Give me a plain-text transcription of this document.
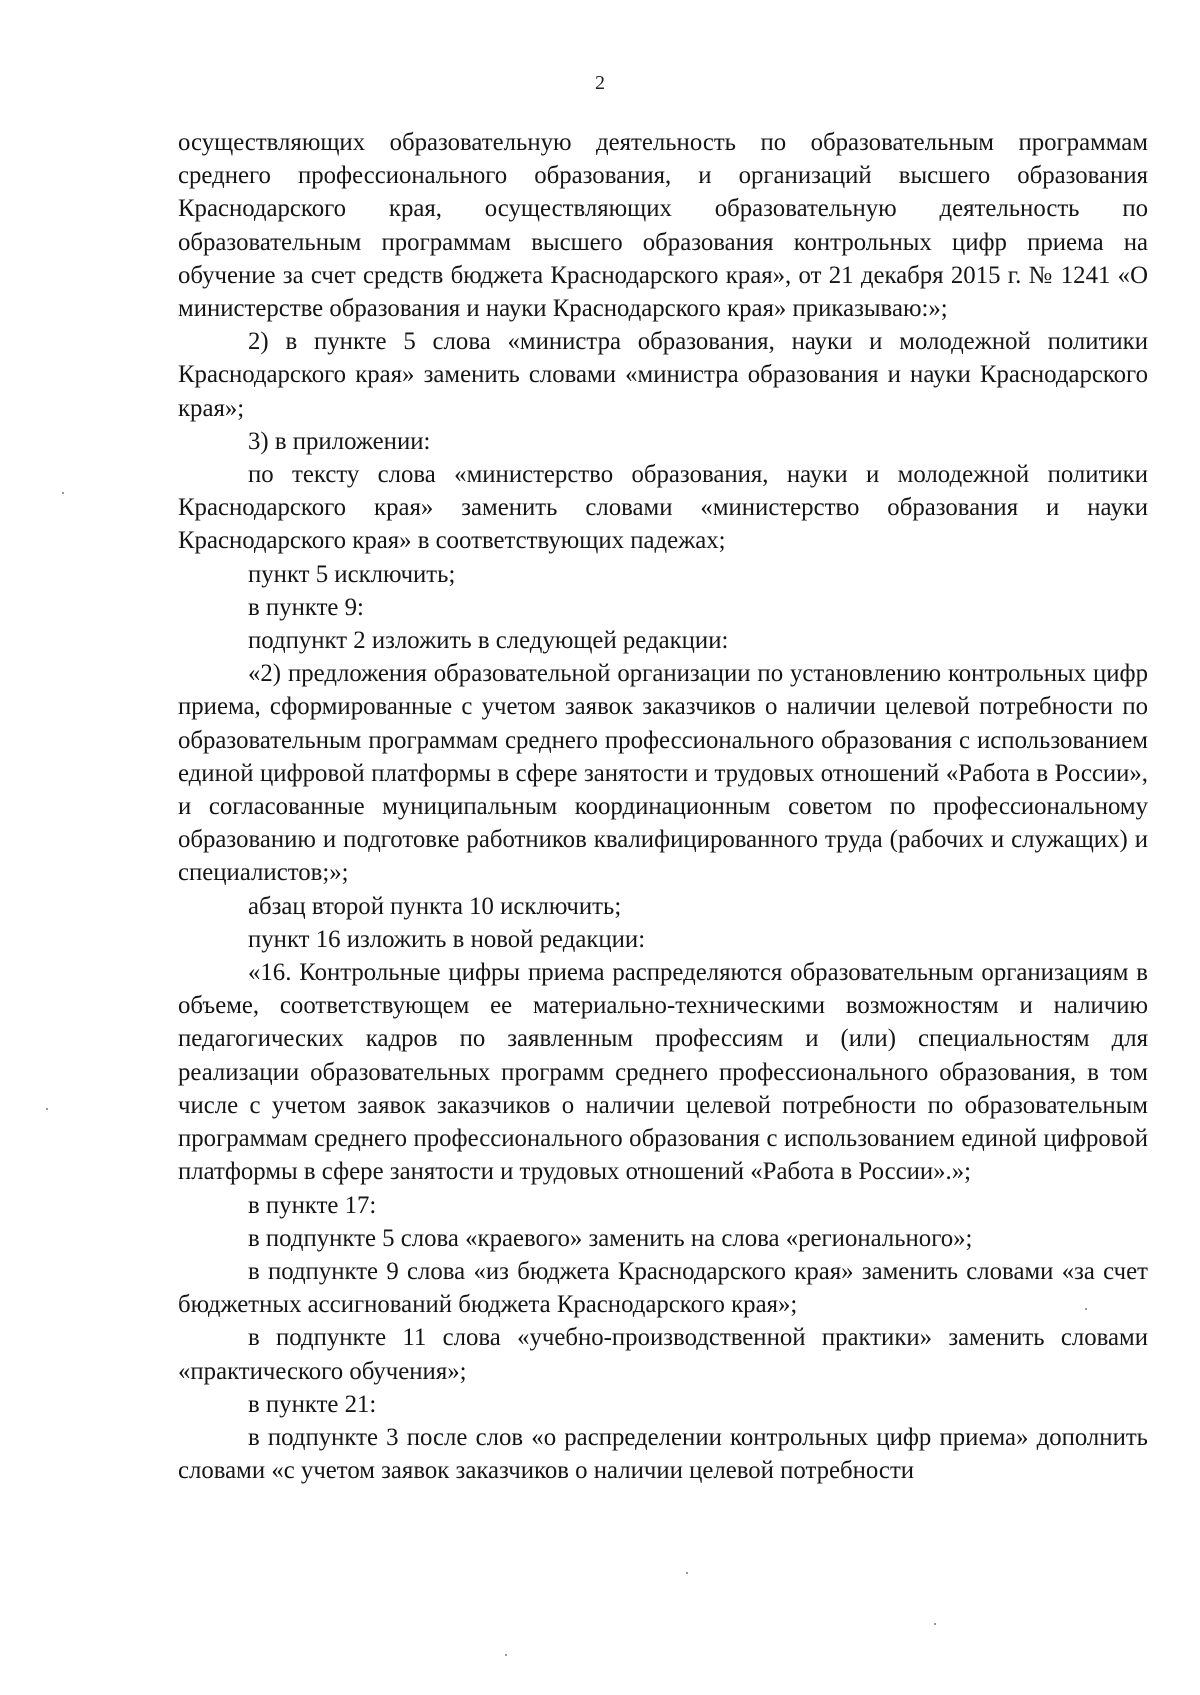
2

осуществляющих образовательную деятельность по образовательным программам среднего профессионального образования, и организаций высшего образования Краснодарского края, осуществляющих образовательную деятельность по образовательным программам высшего образования контрольных цифр приема на обучение за счет средств бюджета Краснодарского края», от 21 декабря 2015 г. № 1241 «О министерстве образования и науки Краснодарского края» приказываю:»;

2) в пункте 5 слова «министра образования, науки и молодежной политики Краснодарского края» заменить словами «министра образования и науки Краснодарского края»;

3) в приложении:

по тексту слова «министерство образования, науки и молодежной политики Краснодарского края» заменить словами «министерство образования и науки Краснодарского края» в соответствующих падежах;

пункт 5 исключить;

в пункте 9:

подпункт 2 изложить в следующей редакции:

«2) предложения образовательной организации по установлению контрольных цифр приема, сформированные с учетом заявок заказчиков о наличии целевой потребности по образовательным программам среднего профессионального образования с использованием единой цифровой платформы в сфере занятости и трудовых отношений «Работа в России», и согласованные муниципальным координационным советом по профессиональному образованию и подготовке работников квалифицированного труда (рабочих и служащих) и специалистов;»;

абзац второй пункта 10 исключить;

пункт 16 изложить в новой редакции:

«16. Контрольные цифры приема распределяются образовательным организациям в объеме, соответствующем ее материально-техническими возможностям и наличию педагогических кадров по заявленным профессиям и (или) специальностям для реализации образовательных программ среднего профессионального образования, в том числе с учетом заявок заказчиков о наличии целевой потребности по образовательным программам среднего профессионального образования с использованием единой цифровой платформы в сфере занятости и трудовых отношений «Работа в России».»;

в пункте 17:

в подпункте 5 слова «краевого» заменить на слова «регионального»;

в подпункте 9 слова «из бюджета Краснодарского края» заменить словами «за счет бюджетных ассигнований бюджета Краснодарского края»;

в подпункте 11 слова «учебно-производственной практики» заменить словами «практического обучения»;

в пункте 21:

в подпункте 3 после слов «о распределении контрольных цифр приема» дополнить словами «с учетом заявок заказчиков о наличии целевой потребности
